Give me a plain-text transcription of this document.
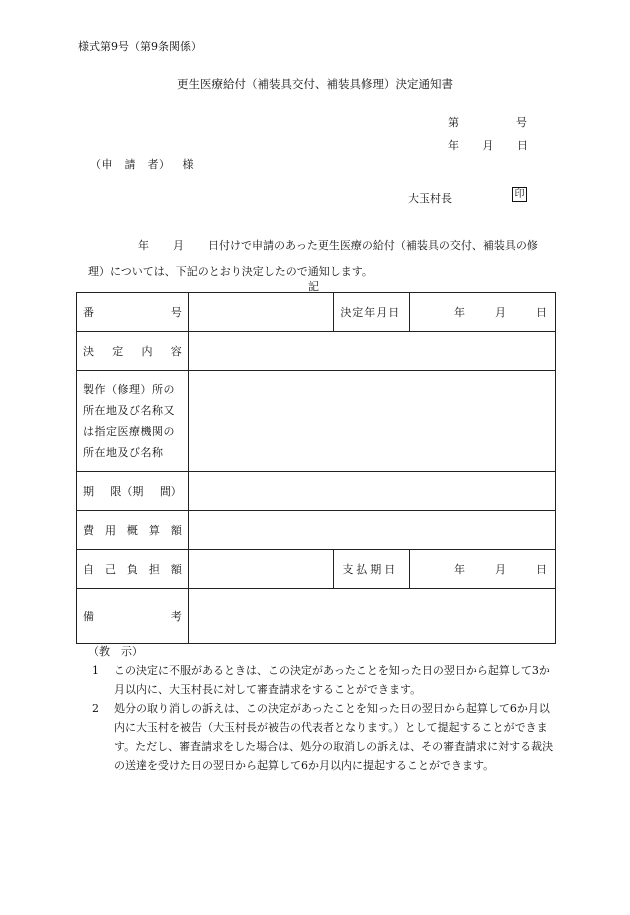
様式第9号（第9条関係）
更生医療給付（補装具交付、補装具修理）決定通知書
第	号
年 月 日
（申　請　者） 様
大玉村長	印
年 月 日付けで申請のあった更生医療の給付（補装具の交付、補装具の修
理）については、下記のとおり決定したので通知します。
記
番 号		決定年月日	年 月 日

決 定 内 容			

製作（修理）所の所在地及び名称又は指定医療機関の所在地及び名称			

期 限（期 間）			

費 用 概 算 額			

自 己 負 担 額		支払期日	年 月 日

備 考			

（教　示）
1	この決定に不服があるときは、この決定があったことを知った日の翌日から起算して3か月以内に、大玉村長に対して審査請求をすることができます。
2	処分の取り消しの訴えは、この決定があったことを知った日の翌日から起算して6か月以内に大玉村を被告（大玉村長が被告の代表者となります。）として提起することができます。ただし、審査請求をした場合は、処分の取消しの訴えは、その審査請求に対する裁決の送達を受けた日の翌日から起算して6か月以内に提起することができます。
